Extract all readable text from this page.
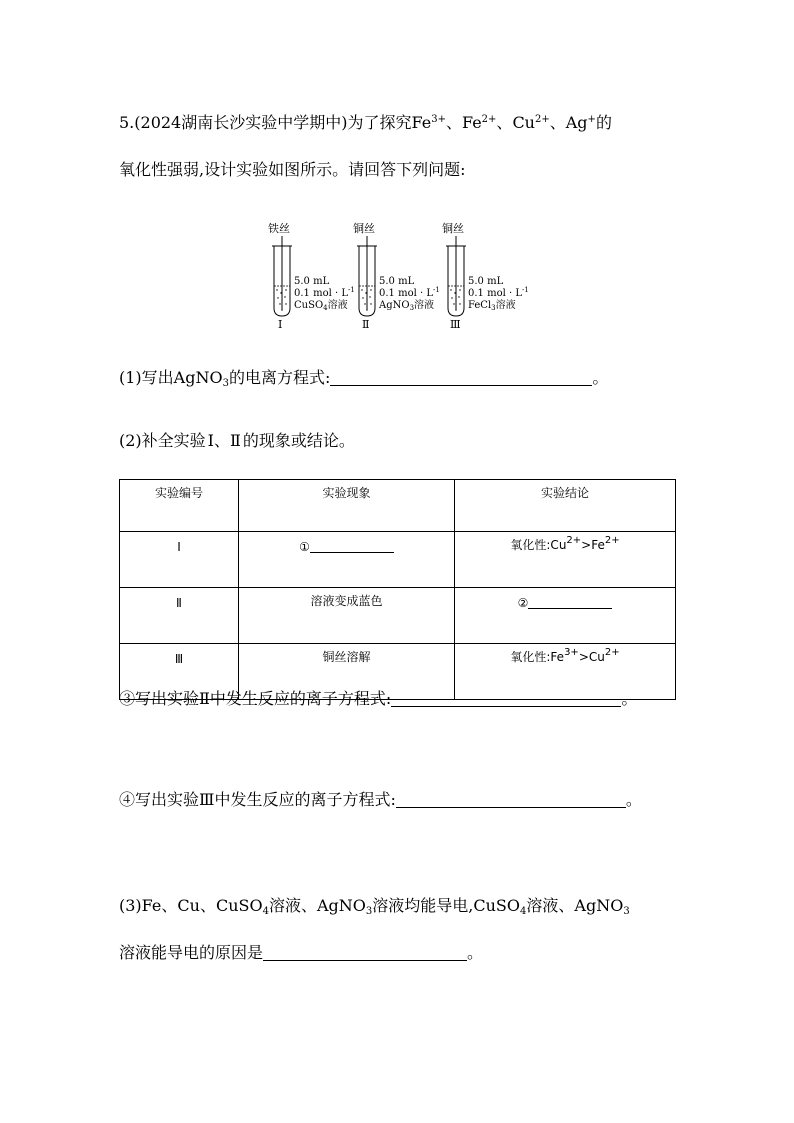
5.(2024湖南长沙实验中学期中)为了探究$Fe^{3+}$、$Fe^{2+}$、$Cu^{2+}$、Ag+的
氧化性强弱,设计实验如图所示。请回答下列问题:
铁丝
5.0 mL
0.1 mol · $L^{-1}$
CuSO$_4$溶液
Ⅰ
铜丝
5.0 mL
0.1 mol · $L^{-1}$
AgNO$_3$溶液
Ⅱ
铜丝
5.0 mL
0.1 mol · $L^{-1}$
FeCl$_3$溶液
Ⅲ
(1)写出AgNO$_3$的电离方程式:	。
(2)补全实验 Ⅰ、Ⅱ 的现象或结论。
实验编号	实验现象	实验结论
Ⅰ	①	氧化性$:Cu^{2+}>Fe^{2+}$
Ⅱ	溶液变成蓝色	②
Ⅲ	铜丝溶解	氧化性$:Fe^{3+}>Cu^{2+}$
③写出实验Ⅱ中发生反应的离子方程式:	。
④写出实验Ⅲ中发生反应的离子方程式:	。
(3)Fe、Cu、CuSO$_4$溶液、AgNO$_3$溶液均能导电,CuSO$_4$溶液、AgNO$_3$
溶液能导电的原因是	。
